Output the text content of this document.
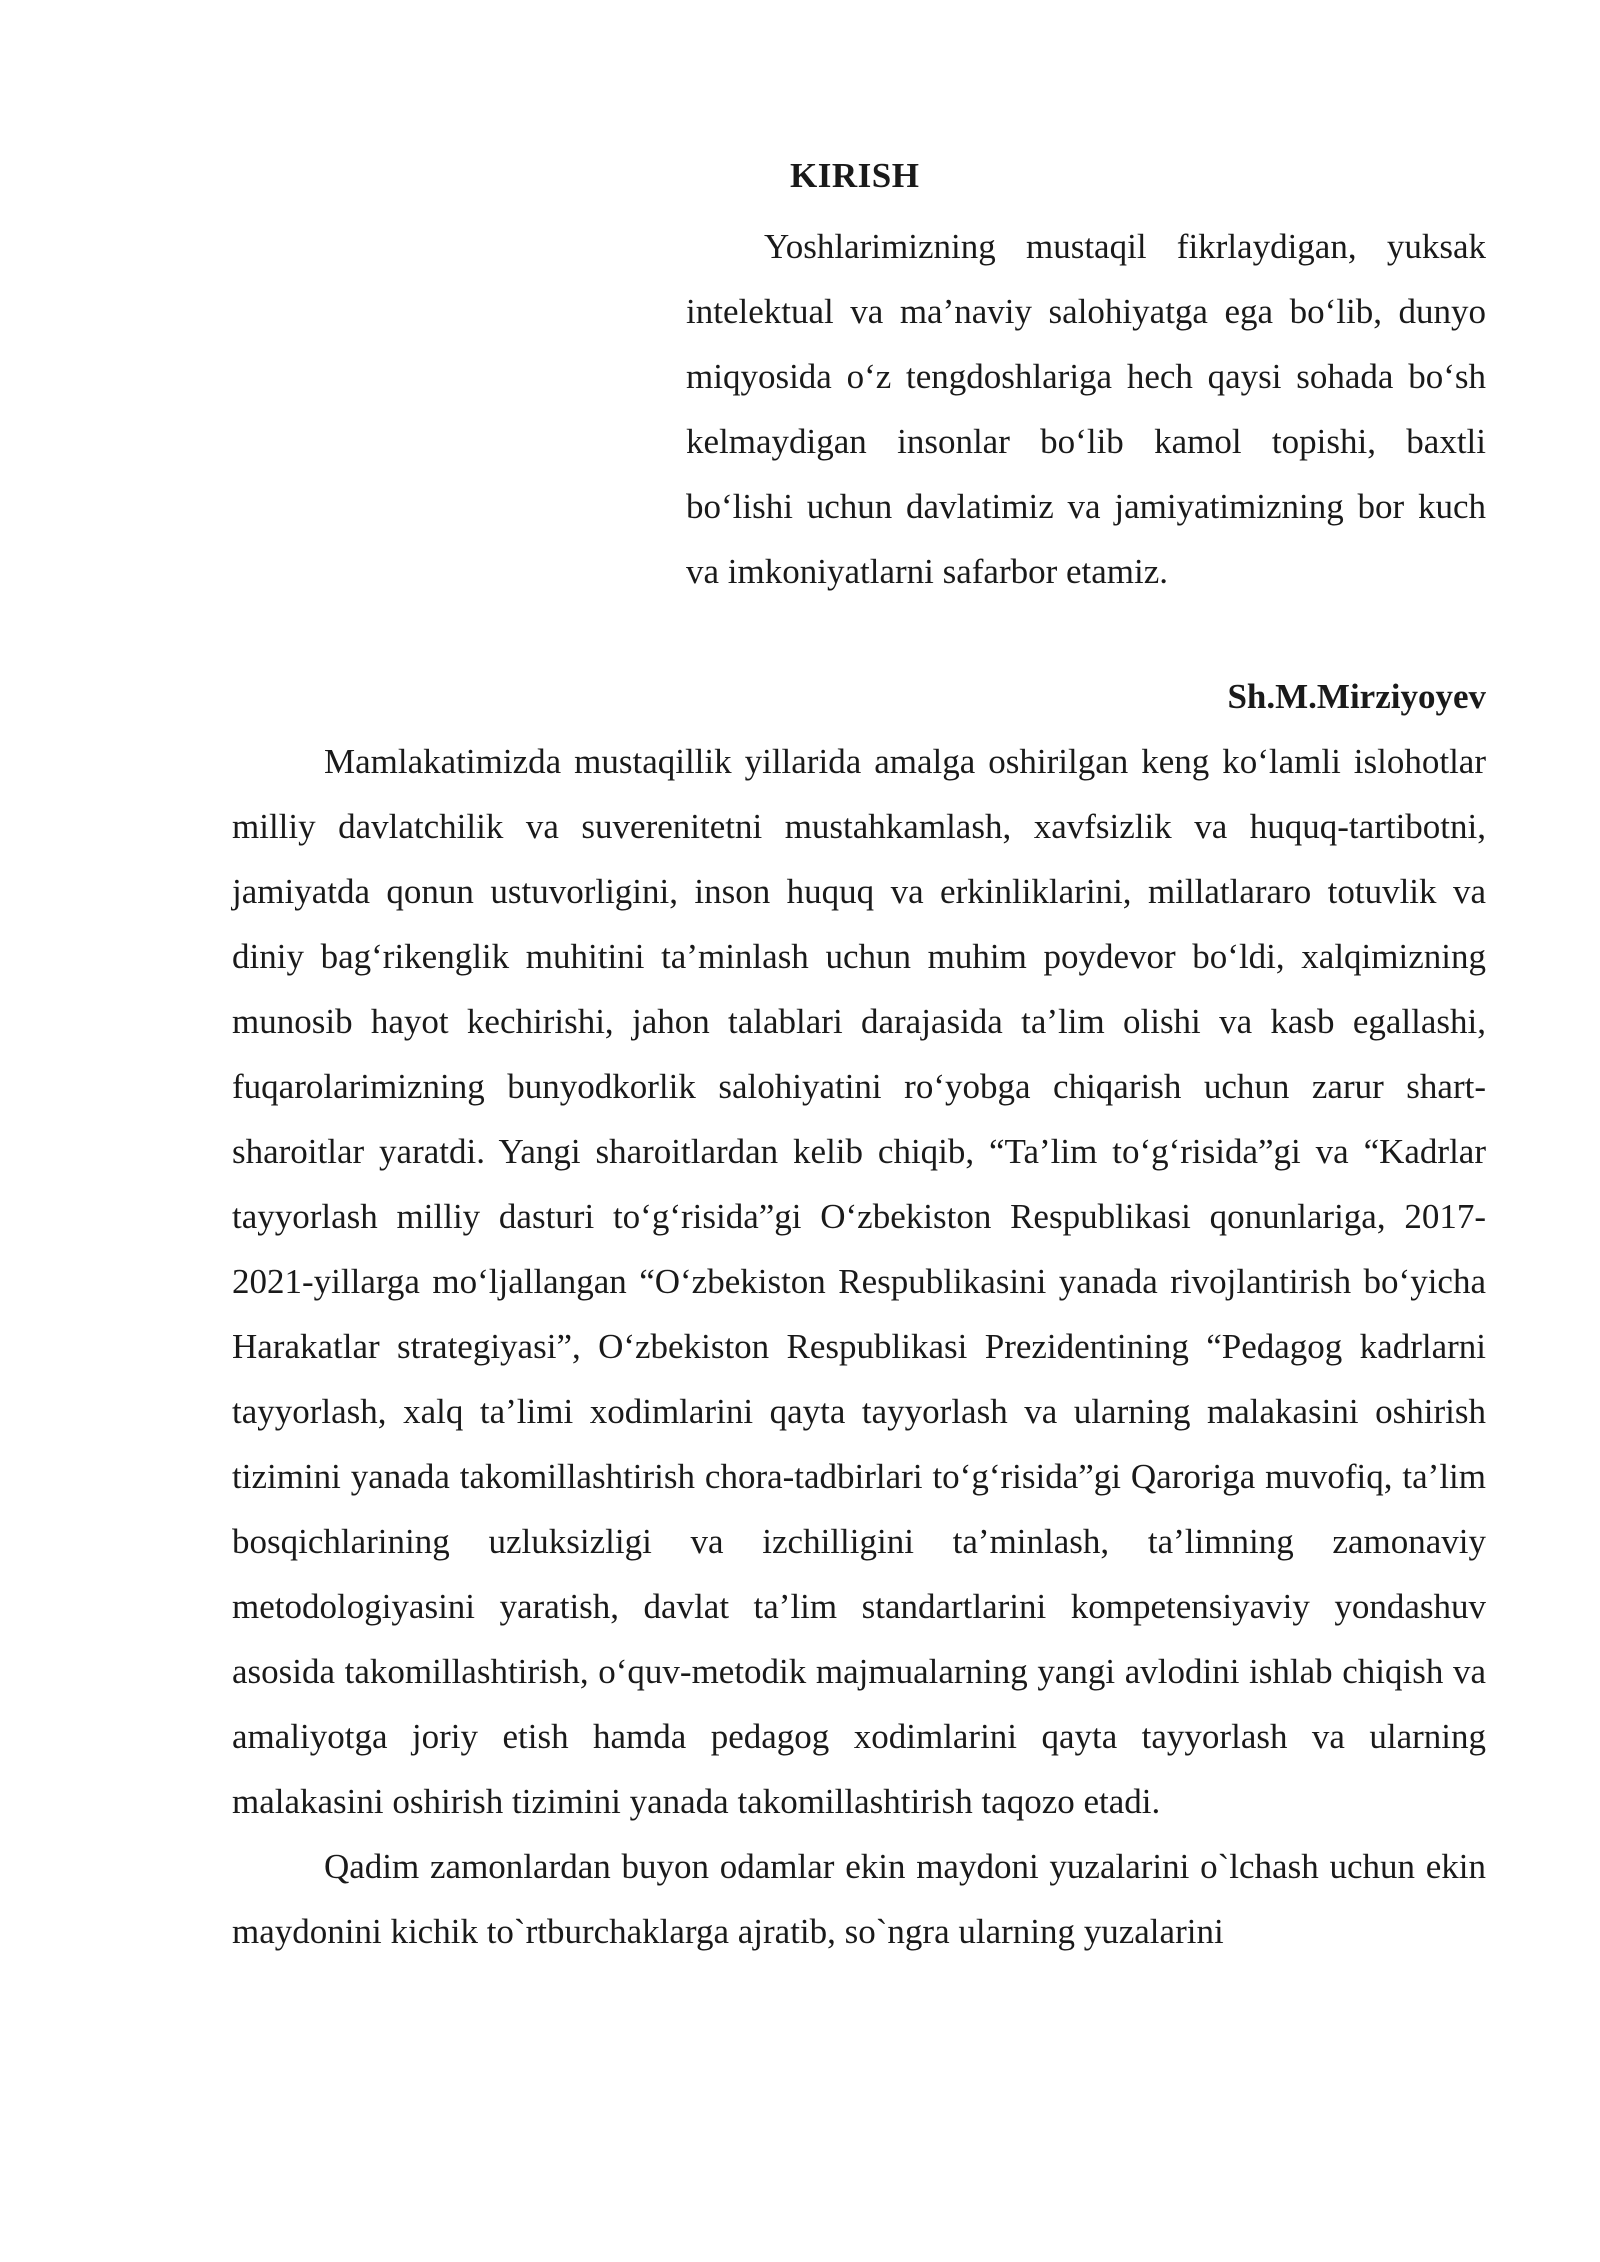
KIRISH

Yoshlarimizning mustaqil fikrlaydigan, yuksak intelektual va ma’naviy salohiyatga ega bo‘lib, dunyo miqyosida o‘z tengdoshlariga hech qaysi sohada bo‘sh kelmaydigan insonlar bo‘lib kamol topishi, baxtli bo‘lishi uchun davlatimiz va jamiyatimizning bor kuch va imkoniyatlarni safarbor etamiz.

Sh.M.Mirziyoyev

Mamlakatimizda mustaqillik yillarida amalga oshirilgan keng ko‘lamli islohotlar milliy davlatchilik va suverenitetni mustahkamlash, xavfsizlik va huquq-tartibotni, jamiyatda qonun ustuvorligini, inson huquq va erkinliklarini, millatlararo totuvlik va diniy bag‘rikenglik muhitini ta’minlash uchun muhim poydevor bo‘ldi, xalqimizning munosib hayot kechirishi, jahon talablari darajasida ta’lim olishi va kasb egallashi, fuqarolarimizning bunyodkorlik salohiyatini ro‘yobga chiqarish uchun zarur shart-sharoitlar yaratdi. Yangi sharoitlardan kelib chiqib, “Ta’lim to‘g‘risida”gi va “Kadrlar tayyorlash milliy dasturi to‘g‘risida”gi O‘zbekiston Respublikasi qonunlariga, 2017-2021-yillarga mo‘ljallangan “O‘zbekiston Respublikasini yanada rivojlantirish bo‘yicha Harakatlar strategiyasi”, O‘zbekiston Respublikasi Prezidentining “Pedagog kadrlarni tayyorlash, xalq ta’limi xodimlarini qayta tayyorlash va ularning malakasini oshirish tizimini yanada takomillashtirish chora-tadbirlari to‘g‘risida”gi Qaroriga muvofiq, ta’lim bosqichlarining uzluksizligi va izchilligini ta’minlash, ta’limning zamonaviy metodologiyasini yaratish, davlat ta’lim standartlarini kompetensiyaviy yondashuv asosida takomillashtirish, o‘quv-metodik majmualarning yangi avlodini ishlab chiqish va amaliyotga joriy etish hamda pedagog xodimlarini qayta tayyorlash va ularning malakasini oshirish tizimini yanada takomillashtirish taqozo etadi.

Qadim zamonlardan buyon odamlar ekin maydoni yuzalarini o`lchash uchun ekin maydonini kichik to`rtburchaklarga ajratib, so`ngra ularning yuzalarini
